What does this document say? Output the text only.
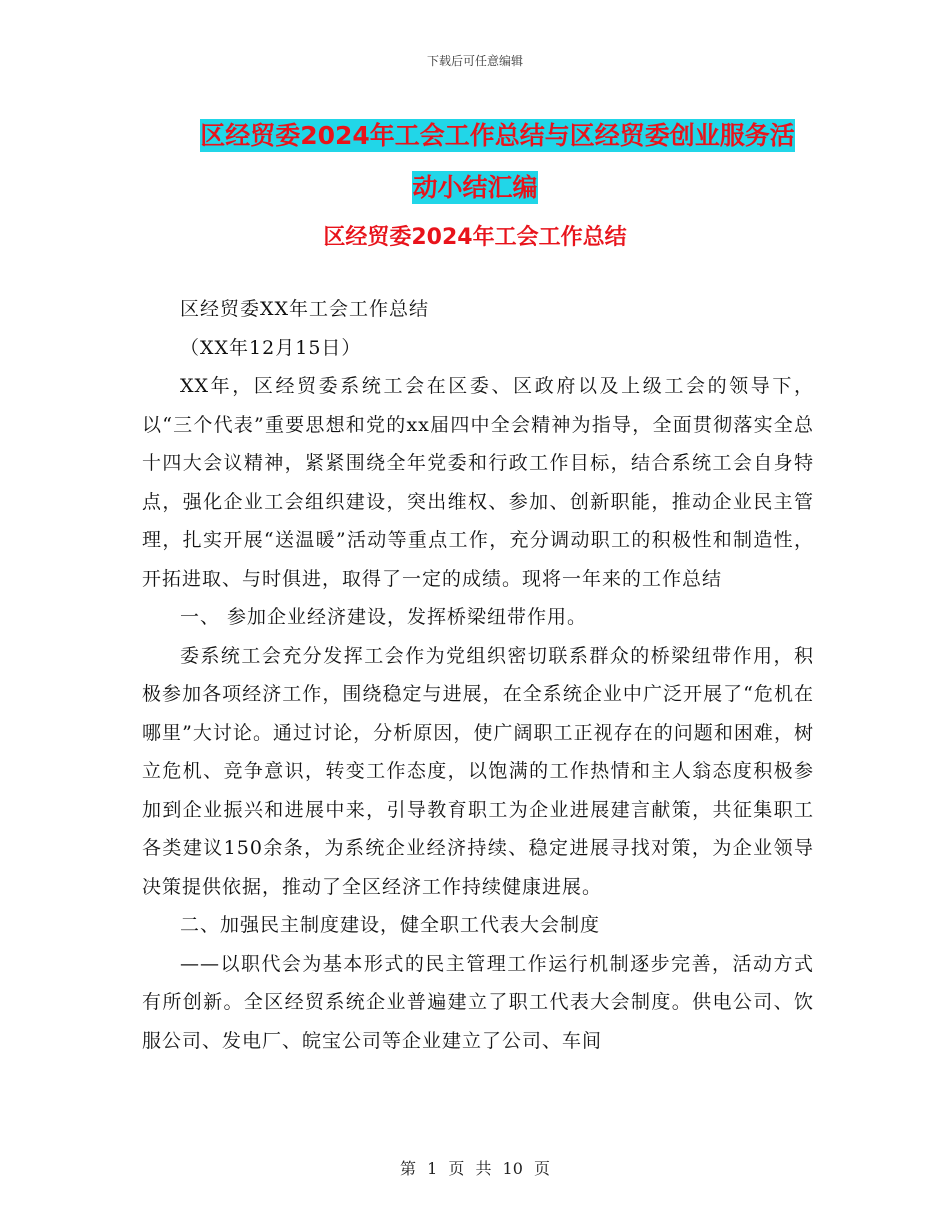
下载后可任意编辑
区经贸委2024年工会工作总结与区经贸委创业服务活
动小结汇编
区经贸委2024年工会工作总结

区经贸委XX年工会工作总结

（XX年12月15日）

XX年，区经贸委系统工会在区委、区政府以及上级工会的领导下，以“三个代表”重要思想和党的xx届四中全会精神为指导，全面贯彻落实全总十四大会议精神，紧紧围绕全年党委和行政工作目标，结合系统工会自身特点，强化企业工会组织建设，突出维权、参加、创新职能，推动企业民主管理，扎实开展“送温暖”活动等重点工作，充分调动职工的积极性和制造性，开拓进取、与时俱进，取得了一定的成绩。现将一年来的工作总结

一、 参加企业经济建设，发挥桥梁纽带作用。

委系统工会充分发挥工会作为党组织密切联系群众的桥梁纽带作用，积极参加各项经济工作，围绕稳定与进展，在全系统企业中广泛开展了“危机在哪里”大讨论。通过讨论，分析原因，使广阔职工正视存在的问题和困难，树立危机、竞争意识，转变工作态度，以饱满的工作热情和主人翁态度积极参加到企业振兴和进展中来，引导教育职工为企业进展建言献策，共征集职工各类建议150余条，为系统企业经济持续、稳定进展寻找对策，为企业领导决策提供依据，推动了全区经济工作持续健康进展。

二、加强民主制度建设，健全职工代表大会制度

——以职代会为基本形式的民主管理工作运行机制逐步完善，活动方式有所创新。全区经贸系统企业普遍建立了职工代表大会制度。供电公司、饮服公司、发电厂、皖宝公司等企业建立了公司、车间

第 1 页 共 10 页
